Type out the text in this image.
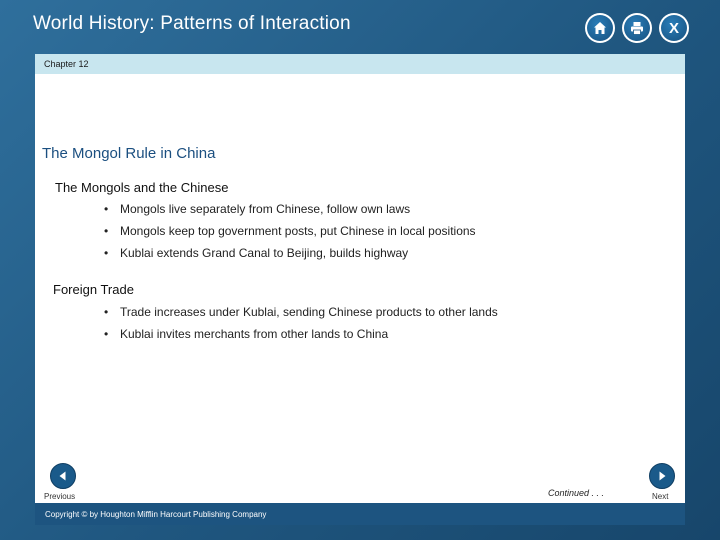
World History: Patterns of Interaction	X
Chapter 12
The Mongol Rule in China
The Mongols and the Chinese
• Mongols live separately from Chinese, follow own laws
• Mongols keep top government posts, put Chinese in local positions
• Kublai extends Grand Canal to Beijing, builds highway
Foreign Trade
• Trade increases under Kublai, sending Chinese products to other lands
• Kublai invites merchants from other lands to China
Previous	Continued . . .	Next
Copyright © by Houghton Mifflin Harcourt Publishing Company
